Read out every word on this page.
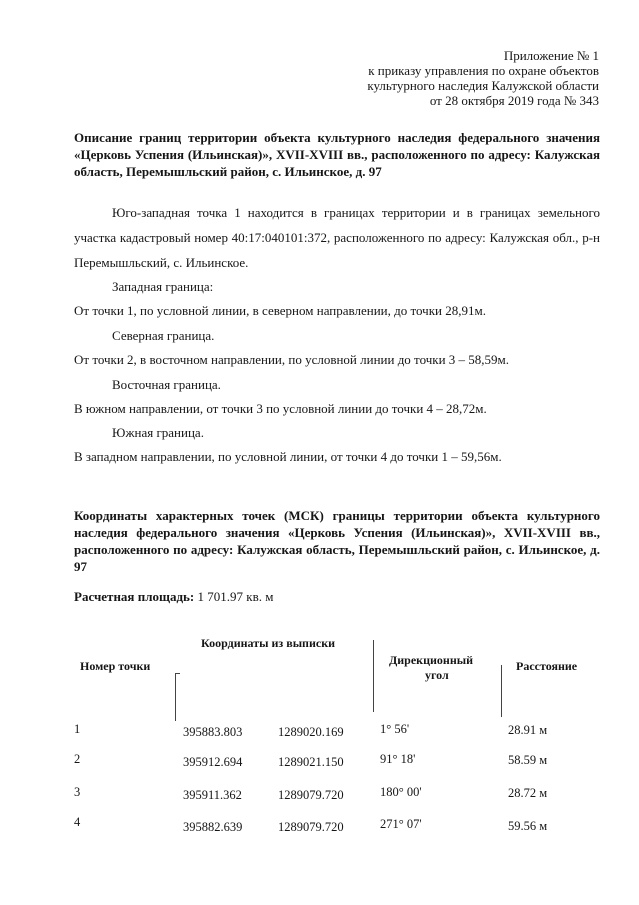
Приложение № 1
к приказу управления по охране объектов
культурного наследия Калужской области
от 28 октября 2019 года № 343
Описание границ территории объекта культурного наследия федерального значения «Церковь Успения (Ильинская)», XVII-XVIII вв., расположенного по адресу: Калужская область, Перемышльский район, с. Ильинское, д. 97
Юго-западная точка 1 находится в границах территории и в границах земельного участка кадастровый номер 40:17:040101:372, расположенного по адресу: Калужская обл., р-н Перемышльский, с. Ильинское.
Западная граница:
От точки 1, по условной линии, в северном направлении, до точки 28,91м.
Северная граница.
От точки 2, в восточном направлении, по условной линии до точки 3 – 58,59м.
Восточная граница.
В южном направлении, от точки 3 по условной линии до точки 4 – 28,72м.
Южная граница.
В западном направлении, по условной линии, от точки 4 до точки 1 – 59,56м.
Координаты характерных точек (МСК) границы территории объекта культурного наследия федерального значения «Церковь Успения (Ильинская)», XVII-XVIII вв., расположенного по адресу: Калужская область, Перемышльский район, с. Ильинское, д. 97
Расчетная площадь: 1 701.97 кв. м
Координаты из выписки
Номер точки	Дирекционный
угол
Расстояние
1	395883.803	1289020.169	1° 56'	28.91 м
2	395912.694	1289021.150	91° 18'	58.59 м
3	395911.362	1289079.720	180° 00'	28.72 м
4	395882.639	1289079.720	271° 07'	59.56 м
